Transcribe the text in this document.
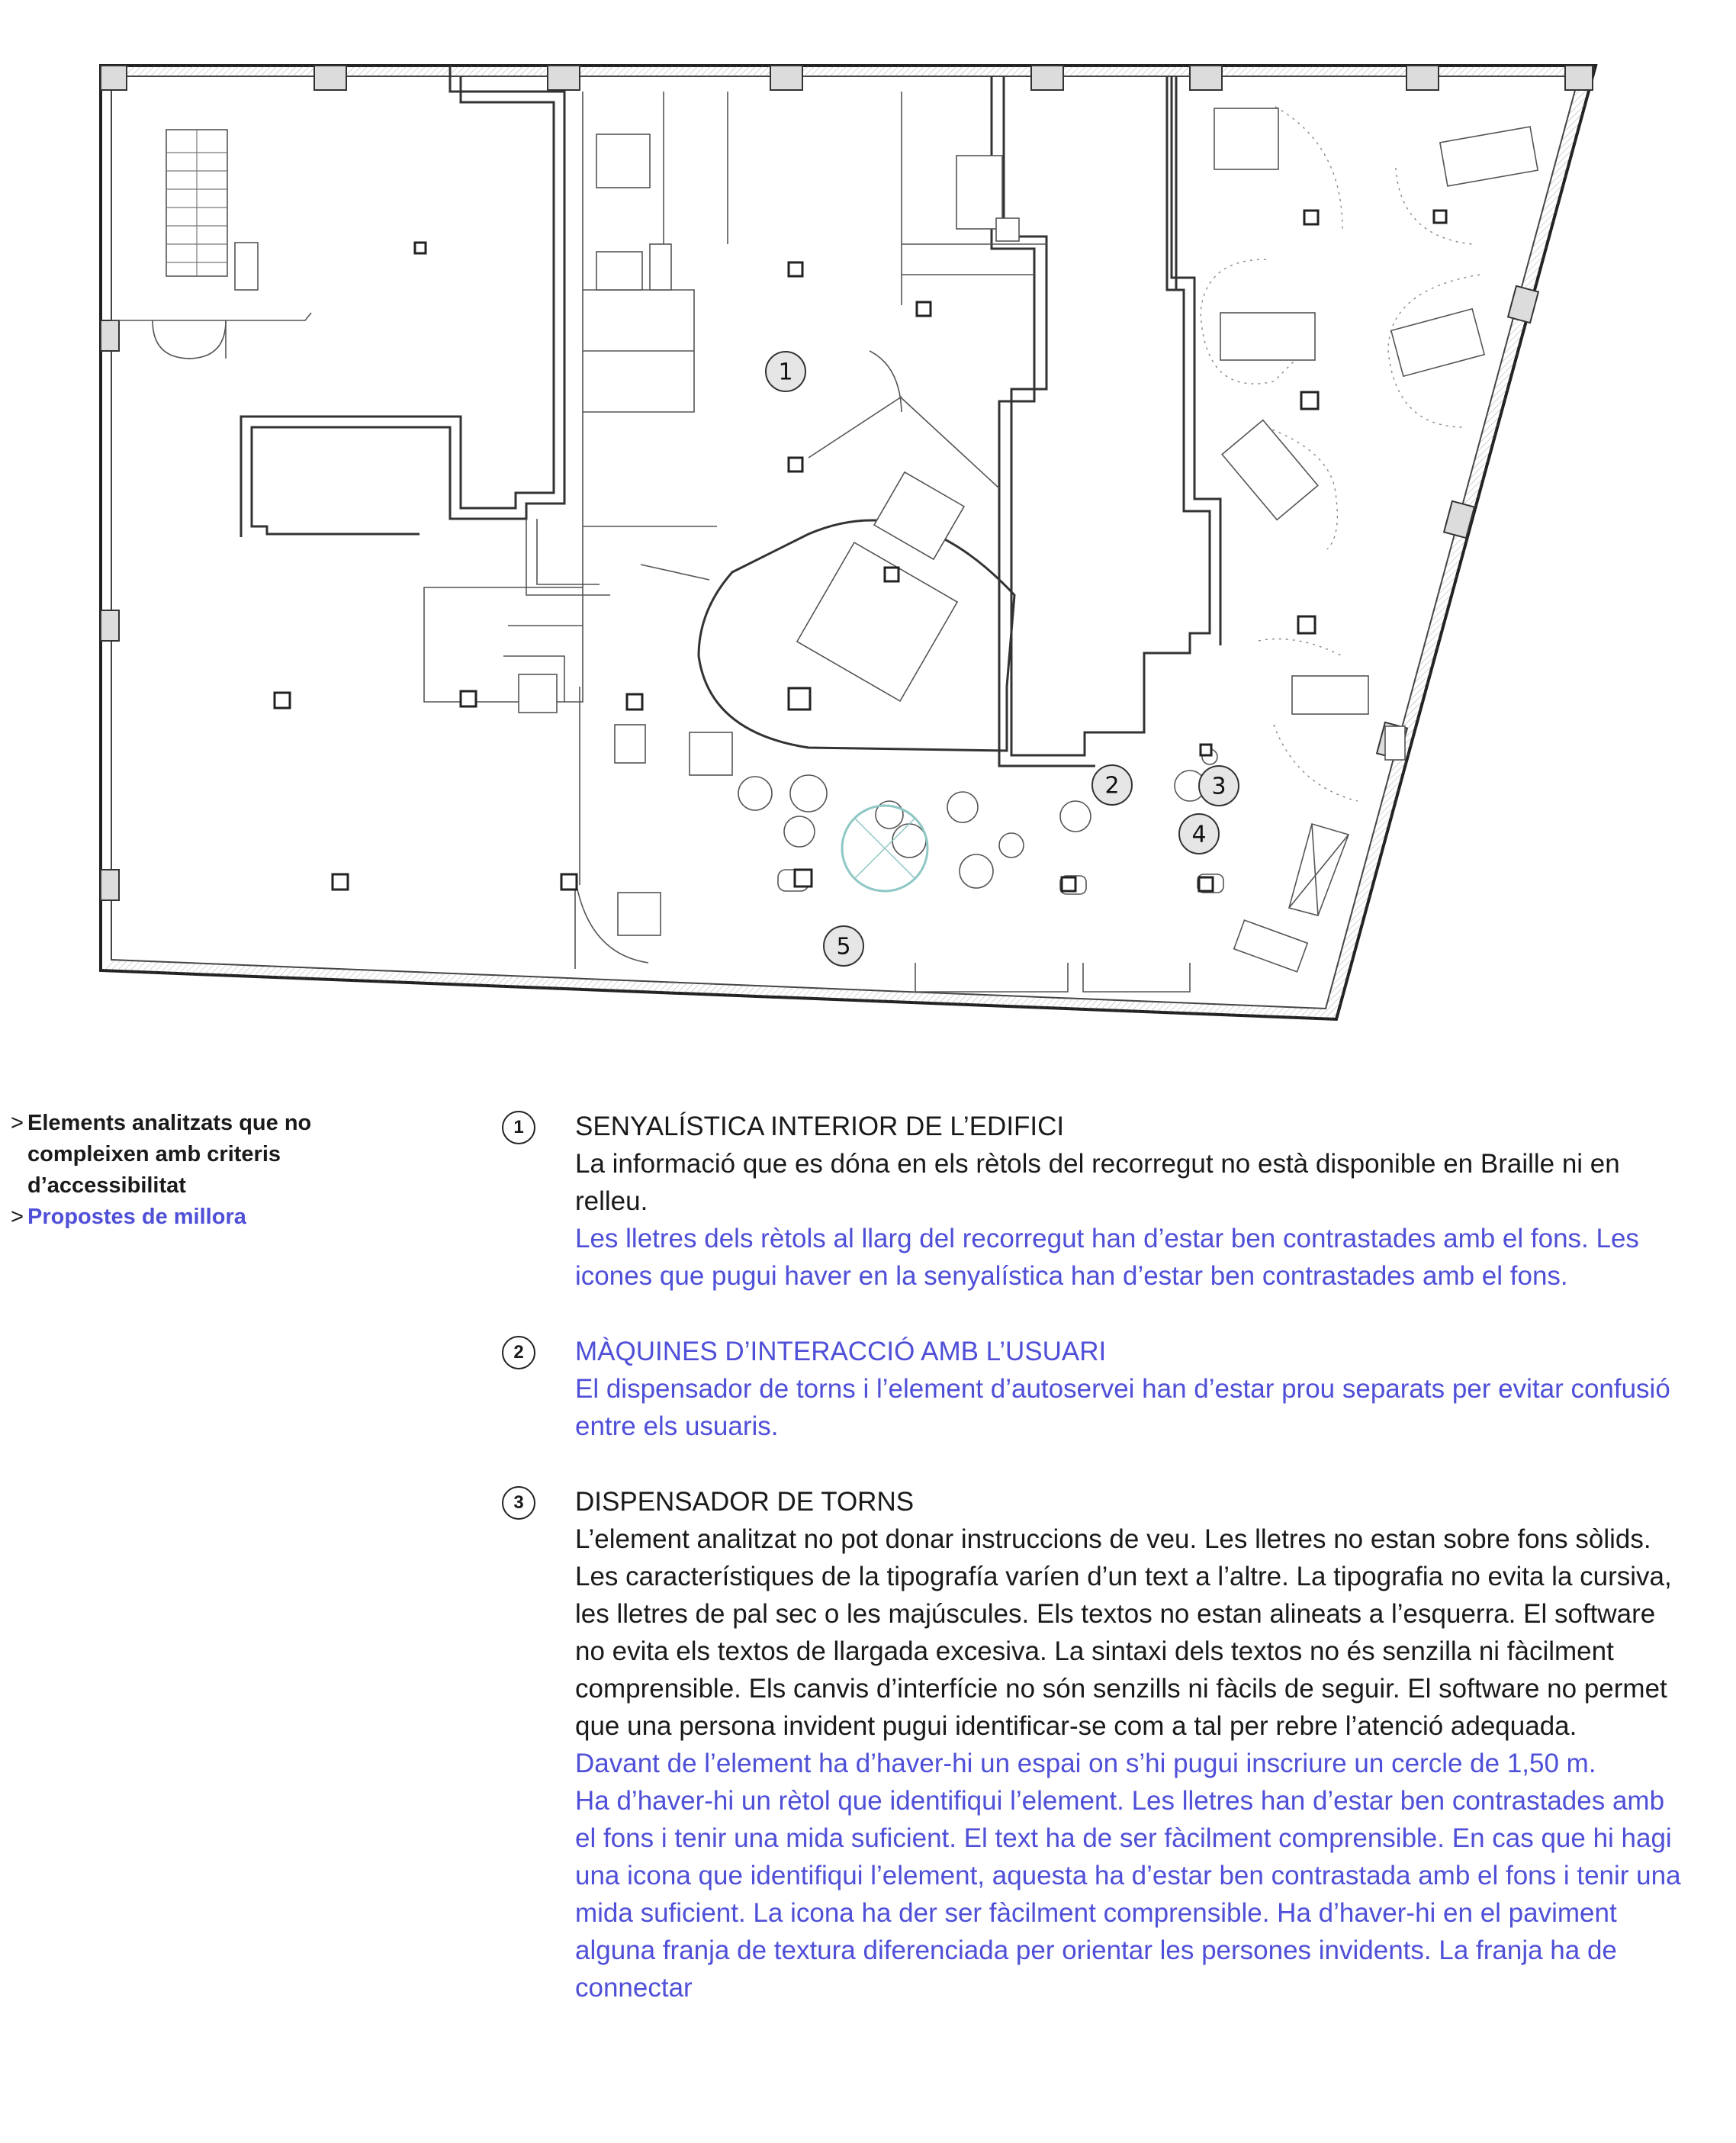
1
2	3
4
5
> Elements analitzats que no
compleixen amb criteris
d’accessibilitat
> Propostes de millora
1	SENYALÍSTICA INTERIOR DE L’EDIFICI
La informació que es dóna en els rètols del recorregut no està disponible en Braille ni en relleu.
Les lletres dels rètols al llarg del recorregut han d’estar ben contrastades amb el fons. Les icones que pugui haver en la senyalística han d’estar ben contrastades amb el fons.
2	MÀQUINES D’INTERACCIÓ AMB L’USUARI
El dispensador de torns i l’element d’autoservei han d’estar prou separats per evitar confusió entre els usuaris.
3	DISPENSADOR DE TORNS
L’element analitzat no pot donar instruccions de veu. Les lletres no estan sobre fons sòlids. Les característiques de la tipografía varíen d’un text a l’altre. La tipografia no evita la cursiva, les lletres de pal sec o les majúscules. Els textos no estan alineats a l’esquerra. El software no evita els textos de llargada excesiva. La sintaxi dels textos no és senzilla ni fàcilment comprensible. Els canvis d’interfície no són senzills ni fàcils de seguir. El software no permet que una persona invident pugui identificar-se com a tal per rebre l’atenció adequada.
Davant de l’element ha d’haver-hi un espai on s’hi pugui inscriure un cercle de 1,50 m.
Ha d’haver-hi un rètol que identifiqui l’element. Les lletres han d’estar ben contrastades amb el fons i tenir una mida suficient. El text ha de ser fàcilment comprensible. En cas que hi hagi una icona que identifiqui l’element, aquesta ha d’estar ben contrastada amb el fons i tenir una mida suficient. La icona ha der ser fàcilment comprensible. Ha d’haver-hi en el paviment alguna franja de textura diferenciada per orientar les persones invidents. La franja ha de connectar
